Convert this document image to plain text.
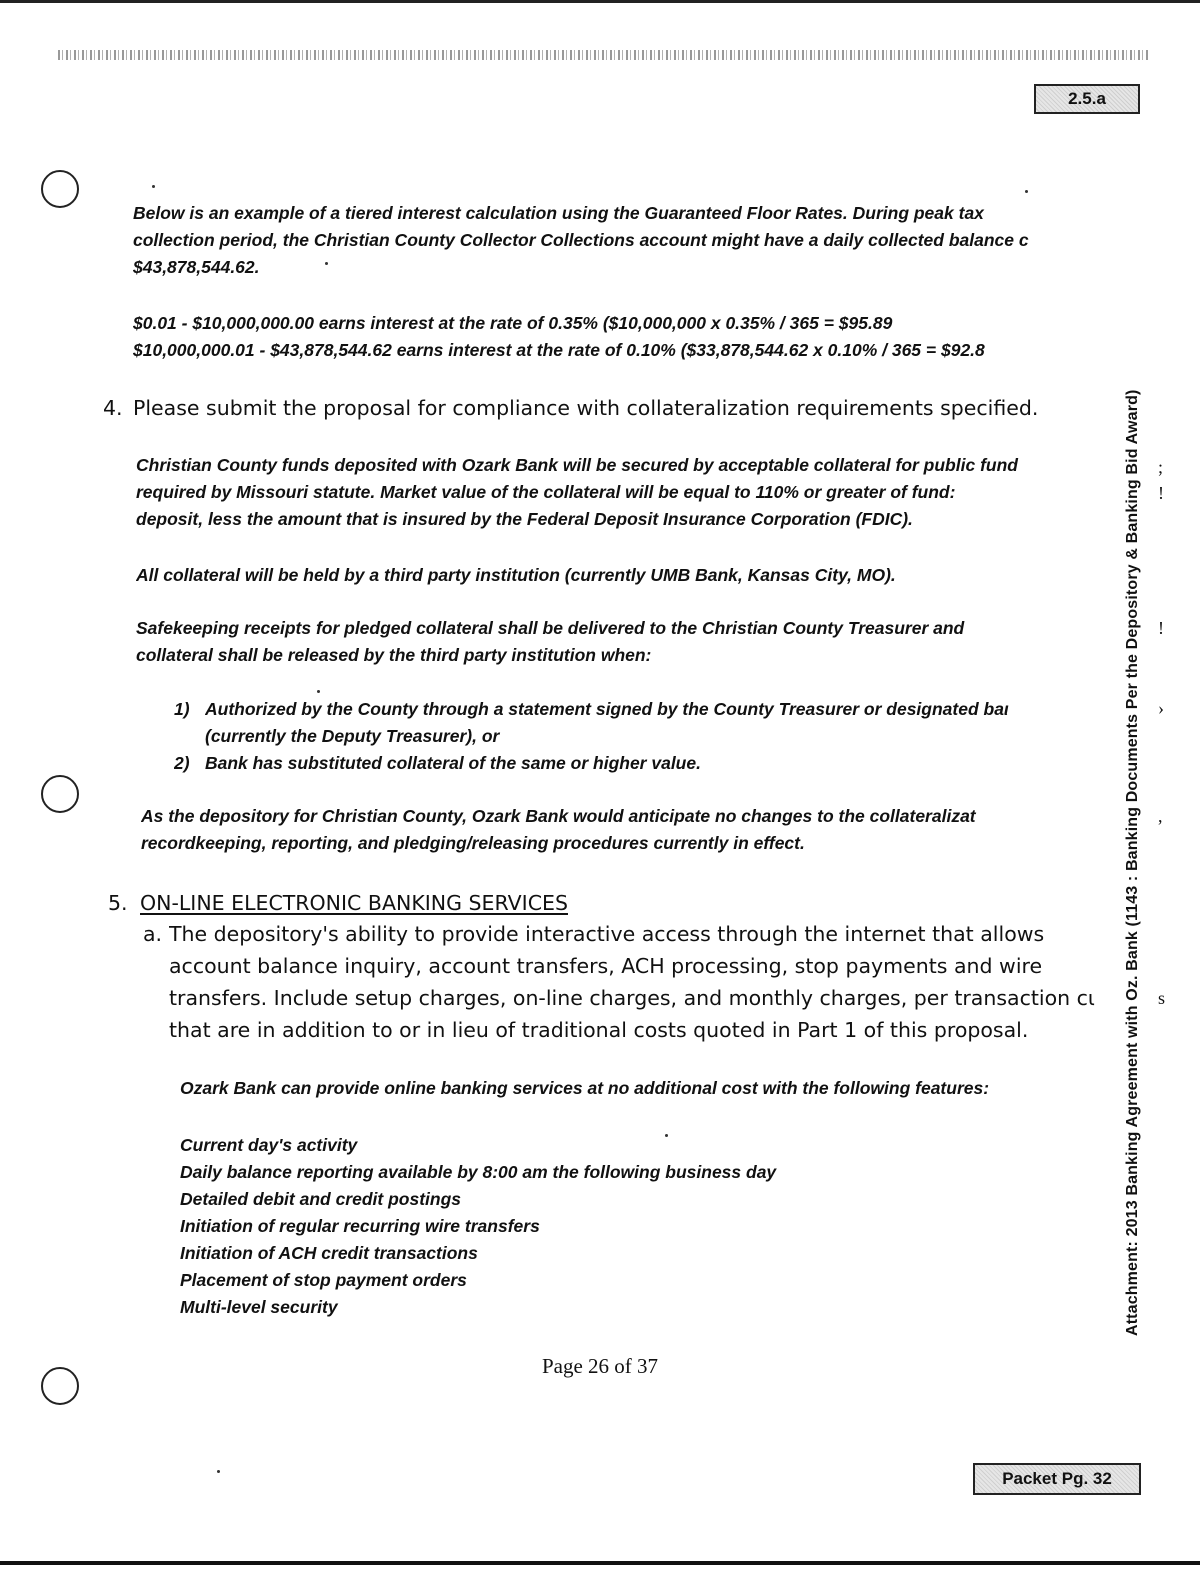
2.5.a
Below is an example of a tiered interest calculation using the Guaranteed Floor Rates. During peak tax
collection period, the Christian County Collector Collections account might have a daily collected balance c
$43,878,544.62.
$0.01 - $10,000,000.00 earns interest at the rate of 0.35% ($10,000,000 x 0.35% / 365 = $95.89
$10,000,000.01 - $43,878,544.62 earns interest at the rate of 0.10% ($33,878,544.62 x 0.10% / 365 = $92.8
4. Please submit the proposal for compliance with collateralization requirements specified.
Christian County funds deposited with Ozark Bank will be secured by acceptable collateral for public fund
required by Missouri statute. Market value of the collateral will be equal to 110% or greater of fund:
deposit, less the amount that is insured by the Federal Deposit Insurance Corporation (FDIC).
All collateral will be held by a third party institution (currently UMB Bank, Kansas City, MO).
Safekeeping receipts for pledged collateral shall be delivered to the Christian County Treasurer and
collateral shall be released by the third party institution when:
1) Authorized by the County through a statement signed by the County Treasurer or designated baι
(currently the Deputy Treasurer), or
2) Bank has substituted collateral of the same or higher value.
As the depository for Christian County, Ozark Bank would anticipate no changes to the collateralizat
recordkeeping, reporting, and pledging/releasing procedures currently in effect.
5. ON-LINE ELECTRONIC BANKING SERVICES
a. The depository's ability to provide interactive access through the internet that allows
account balance inquiry, account transfers, ACH processing, stop payments and wire
transfers. Include setup charges, on-line charges, and monthly charges, per transaction cι
that are in addition to or in lieu of traditional costs quoted in Part 1 of this proposal.
Ozark Bank can provide online banking services at no additional cost with the following features:
Current day's activity
Daily balance reporting available by 8:00 am the following business day
Detailed debit and credit postings
Initiation of regular recurring wire transfers
Initiation of ACH credit transactions
Placement of stop payment orders
Multi-level security
;
!
!
›
,
s
Attachment: 2013 Banking Agreement with Oz. Bank (1143 : Banking Documents Per the Depository & Banking Bid Award)
Page 26 of 37
Packet Pg. 32
